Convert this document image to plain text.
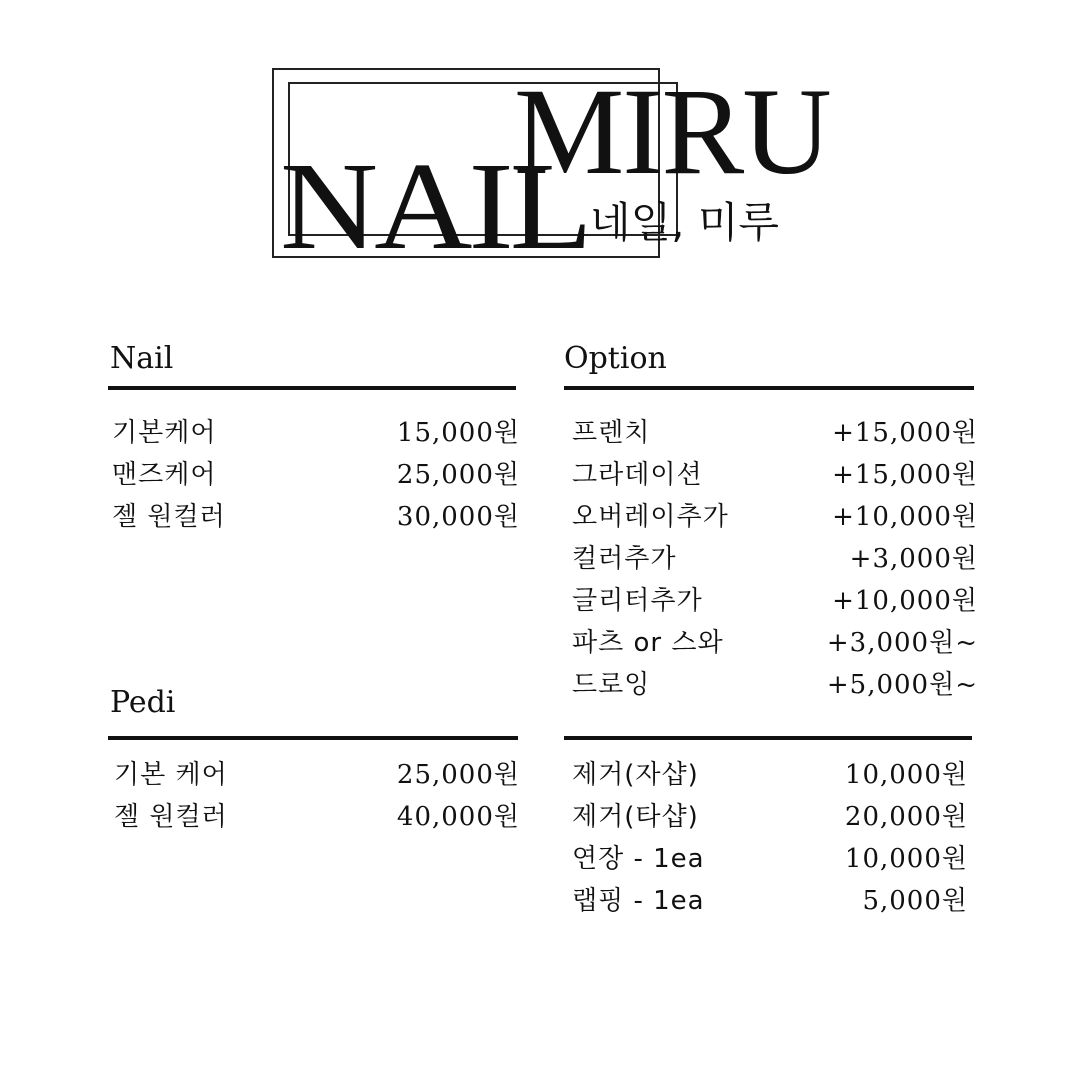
MIRU
NAIL 네일, 미루
Nail
기본케어	15,000원
맨즈케어	25,000원
젤 원컬러	30,000원
Pedi
기본 케어	25,000원
젤 원컬러	40,000원
Option
프렌치	+15,000원
그라데이션	+15,000원
오버레이추가	+10,000원
컬러추가	+3,000원
글리터추가	+10,000원
파츠 or 스와	+3,000원~
드로잉	+5,000원~
제거(자샵)	10,000원
제거(타샵)	20,000원
연장 - 1ea	10,000원
랩핑 - 1ea	5,000원
